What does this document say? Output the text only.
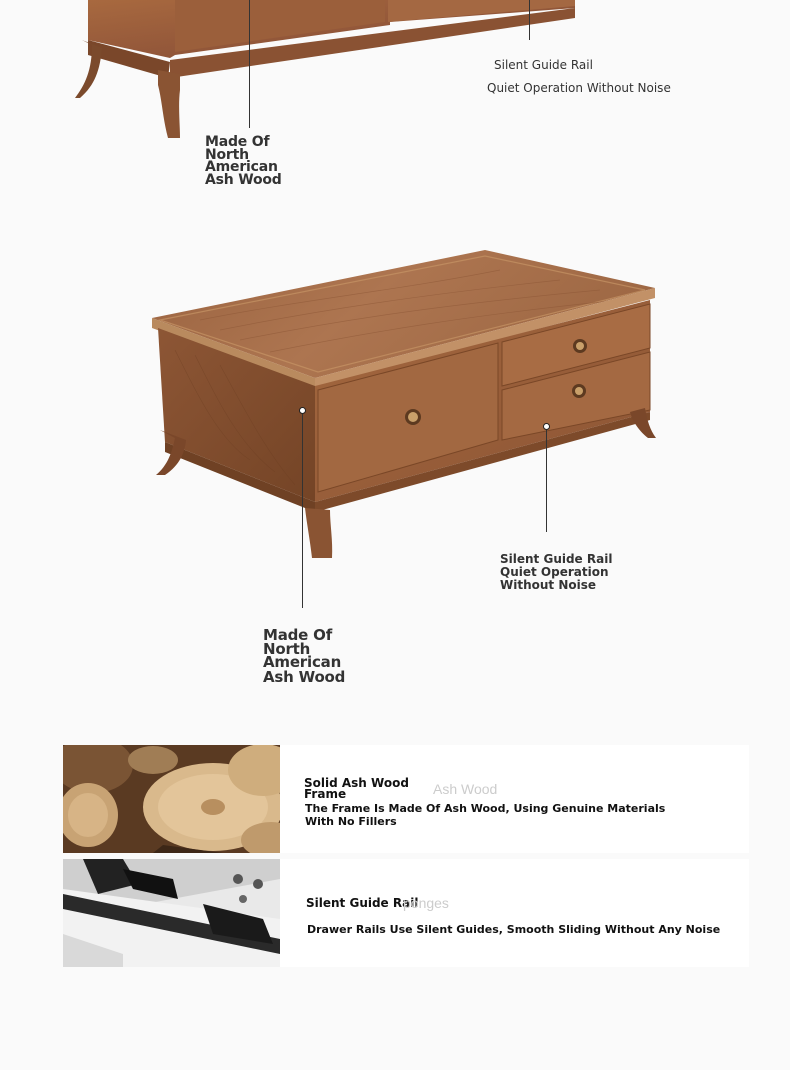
Silent Guide Rail
Quiet Operation Without Noise
Made Of
North
American
Ash Wood
Silent Guide Rail
Quiet Operation
Without Noise
Made Of
North
American
Ash Wood
Solid Ash Wood
Frame	Ash Wood
The Frame Is Made Of Ash Wood, Using Genuine Materials
With No Fillers
Silent Guide Rail
ponges
Drawer Rails Use Silent Guides, Smooth Sliding Without Any Noise
